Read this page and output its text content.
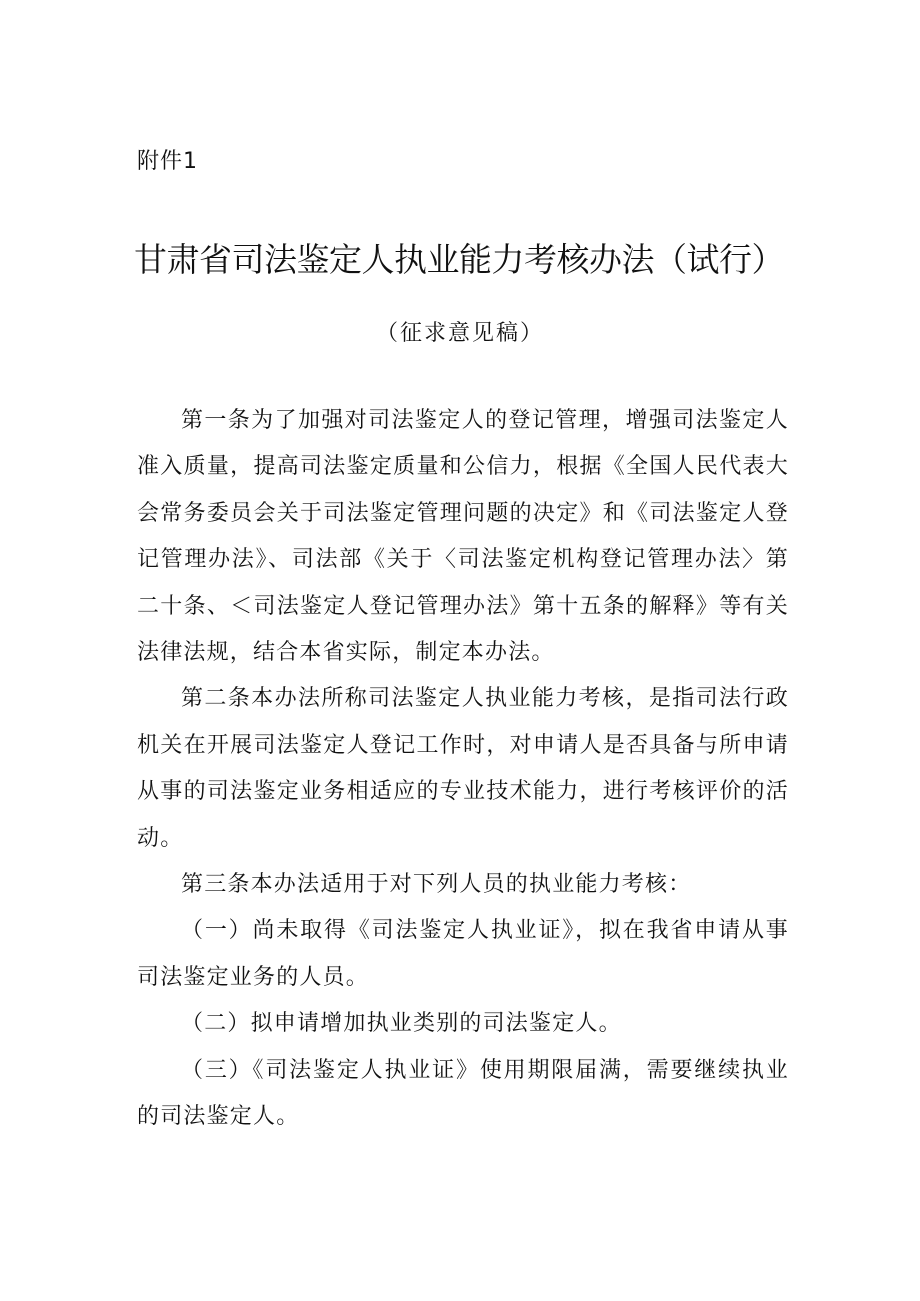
附件1
甘肃省司法鉴定人执业能力考核办法（试行）
（征求意见稿）

第一条为了加强对司法鉴定人的登记管理，增强司法鉴定人准入质量，提高司法鉴定质量和公信力，根据《全国人民代表大会常务委员会关于司法鉴定管理问题的决定》和《司法鉴定人登记管理办法》、司法部《关于〈司法鉴定机构登记管理办法〉第二十条、＜司法鉴定人登记管理办法》第十五条的解释》等有关法律法规，结合本省实际，制定本办法。

第二条本办法所称司法鉴定人执业能力考核，是指司法行政机关在开展司法鉴定人登记工作时，对申请人是否具备与所申请从事的司法鉴定业务相适应的专业技术能力，进行考核评价的活动。

第三条本办法适用于对下列人员的执业能力考核：

（一）尚未取得《司法鉴定人执业证》，拟在我省申请从事司法鉴定业务的人员。

（二）拟申请增加执业类别的司法鉴定人。

（三）《司法鉴定人执业证》使用期限届满，需要继续执业的司法鉴定人。
